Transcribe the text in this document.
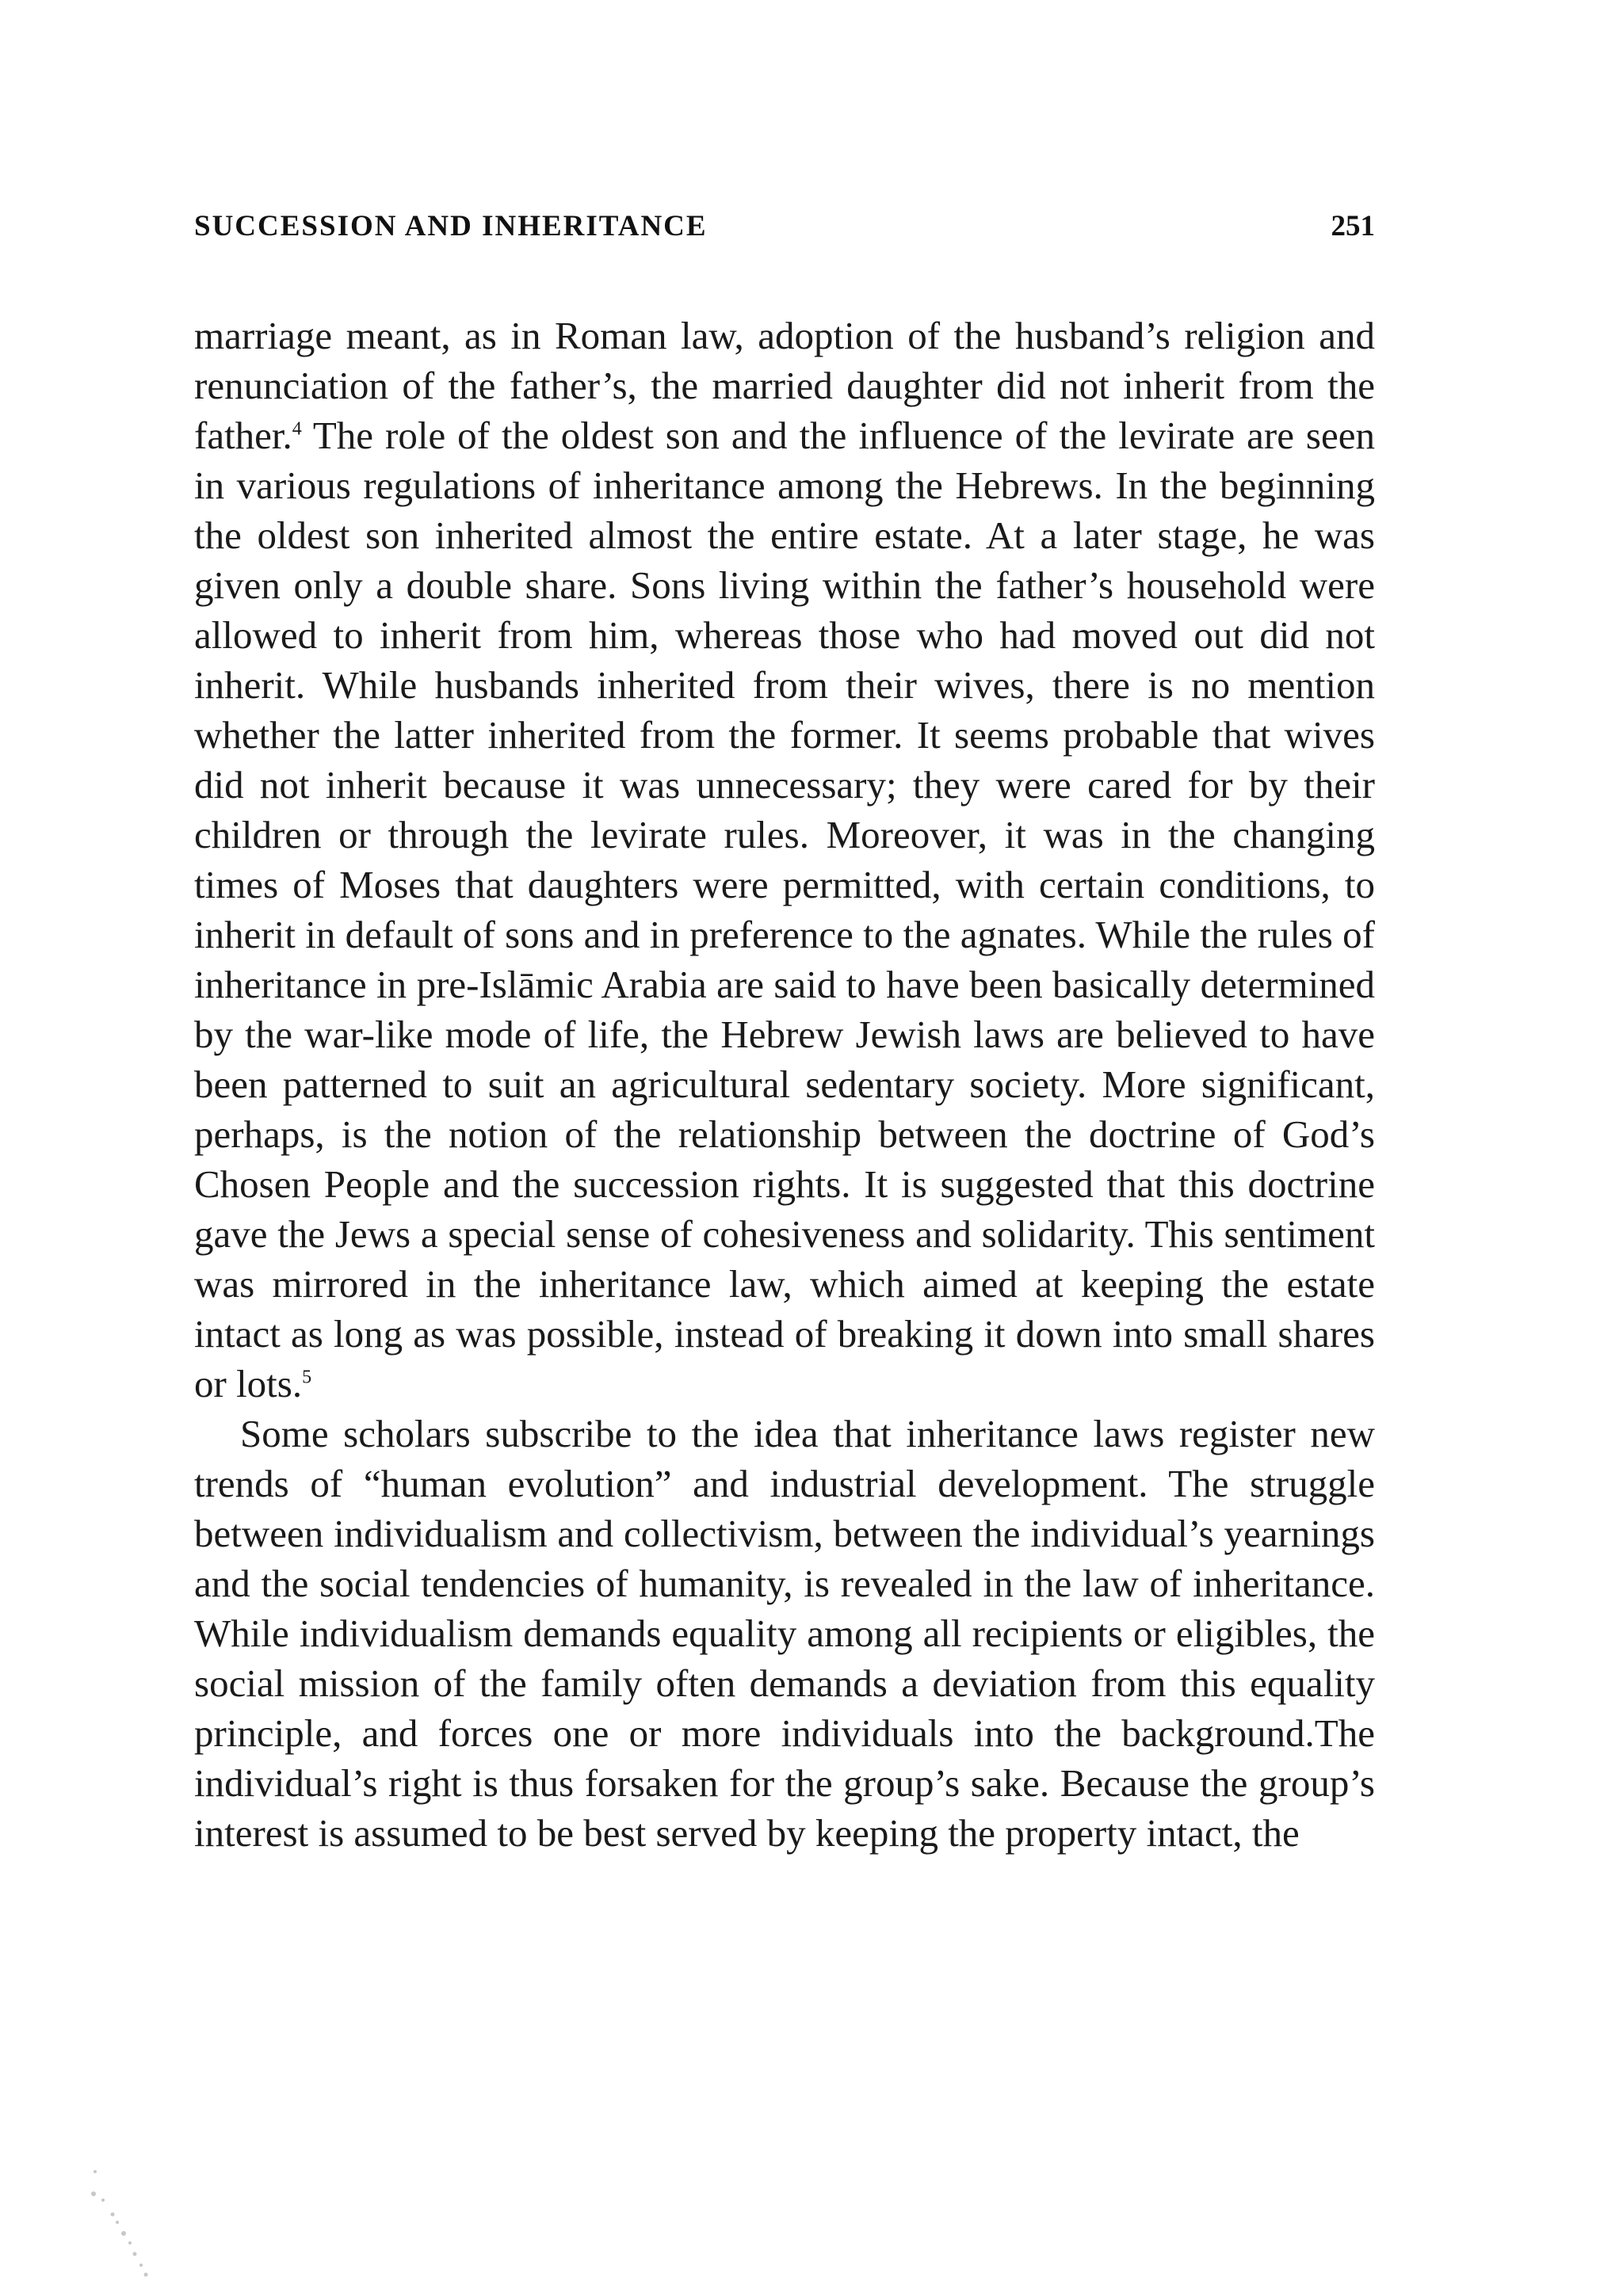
SUCCESSION AND INHERITANCE	251

marriage meant, as in Roman law, adoption of the husband’s religion and renunciation of the father’s, the married daughter did not inherit from the father.$^4$ The role of the oldest son and the influence of the levirate are seen in various regulations of inheritance among the Hebrews. In the beginning the oldest son inherited almost the entire estate. At a later stage, he was given only a double share. Sons living within the father’s household were allowed to inherit from him, whereas those who had moved out did not inherit. While husbands inherited from their wives, there is no mention whether the latter inherited from the former. It seems probable that wives did not inherit because it was unnecessary; they were cared for by their children or through the levirate rules. Moreover, it was in the changing times of Moses that daughters were permitted, with certain conditions, to inherit in default of sons and in preference to the agnates. While the rules of inheritance in pre-Islāmic Arabia are said to have been basically determined by the war-like mode of life, the Hebrew Jewish laws are believed to have been patterned to suit an agricultural sedentary society. More significant, perhaps, is the notion of the relationship between the doctrine of God’s Chosen People and the succession rights. It is suggested that this doctrine gave the Jews a special sense of cohesiveness and solidarity. This sentiment was mirrored in the inheritance law, which aimed at keeping the estate intact as long as was possible, instead of breaking it down into small shares or lots.$^5$

Some scholars subscribe to the idea that inheritance laws register new trends of “human evolution” and industrial development. The struggle between individualism and collectivism, between the individual’s yearnings and the social tendencies of humanity, is revealed in the law of inheritance. While individualism demands equality among all recipients or eligibles, the social mission of the family often demands a deviation from this equality principle, and forces one or more individuals into the background.The individual’s right is thus forsaken for the group’s sake. Because the group’s interest is assumed to be best served by keeping the property intact, the
